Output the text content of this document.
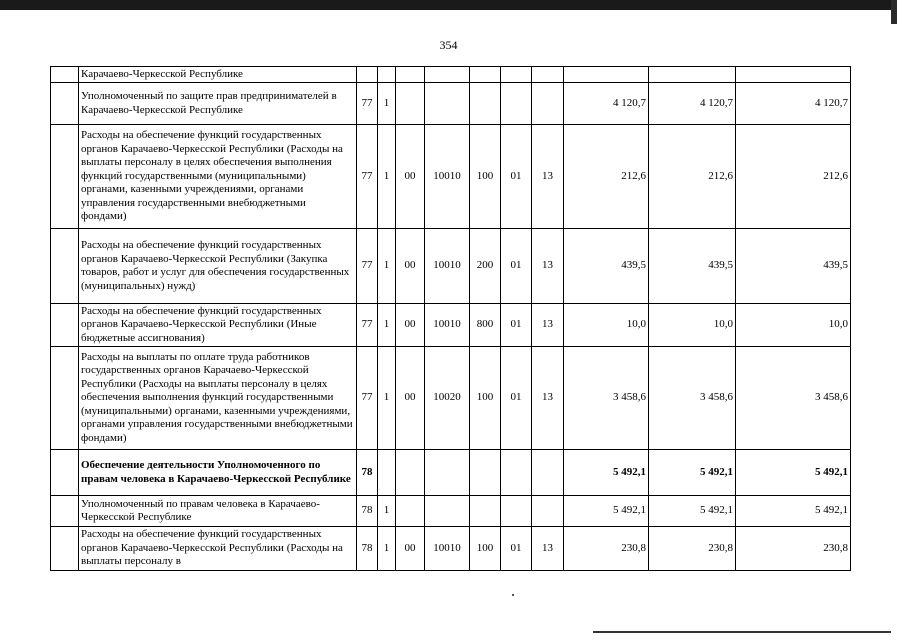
354
	Карачаево-Черкесской Республике										
	Уполномоченный по защите прав предпринимателей в Карачаево-Черкесской Республике	77	1						4 120,7	4 120,7	4 120,7
	Расходы на обеспечение функций государственных органов Карачаево-Черкесской Республики (Расходы на выплаты персоналу в целях обеспечения выполнения функций государственными (муниципальными) органами, казенными учреждениями, органами управления государственными внебюджетными фондами)	77	1	00	10010	100	01	13	212,6	212,6	212,6
	Расходы на обеспечение функций государственных органов Карачаево-Черкесской Республики (Закупка товаров, работ и услуг для обеспечения государственных (муниципальных) нужд)	77	1	00	10010	200	01	13	439,5	439,5	439,5
	Расходы на обеспечение функций государственных органов Карачаево-Черкесской Республики (Иные бюджетные ассигнования)	77	1	00	10010	800	01	13	10,0	10,0	10,0
	Расходы на выплаты по оплате труда работников государственных органов Карачаево-Черкесской Республики (Расходы на выплаты персоналу в целях обеспечения выполнения функций государственными (муниципальными) органами, казенными учреждениями, органами управления государственными внебюджетными фондами)	77	1	00	10020	100	01	13	3 458,6	3 458,6	3 458,6
	Обеспечение деятельности Уполномоченного по правам человека в Карачаево-Черкесской Республике	78							5 492,1	5 492,1	5 492,1
	Уполномоченный по правам человека в Карачаево-Черкесской Республике	78	1						5 492,1	5 492,1	5 492,1
	Расходы на обеспечение функций государственных органов Карачаево-Черкесской Республики (Расходы на выплаты персоналу в	78	1	00	10010	100	01	13	230,8	230,8	230,8
